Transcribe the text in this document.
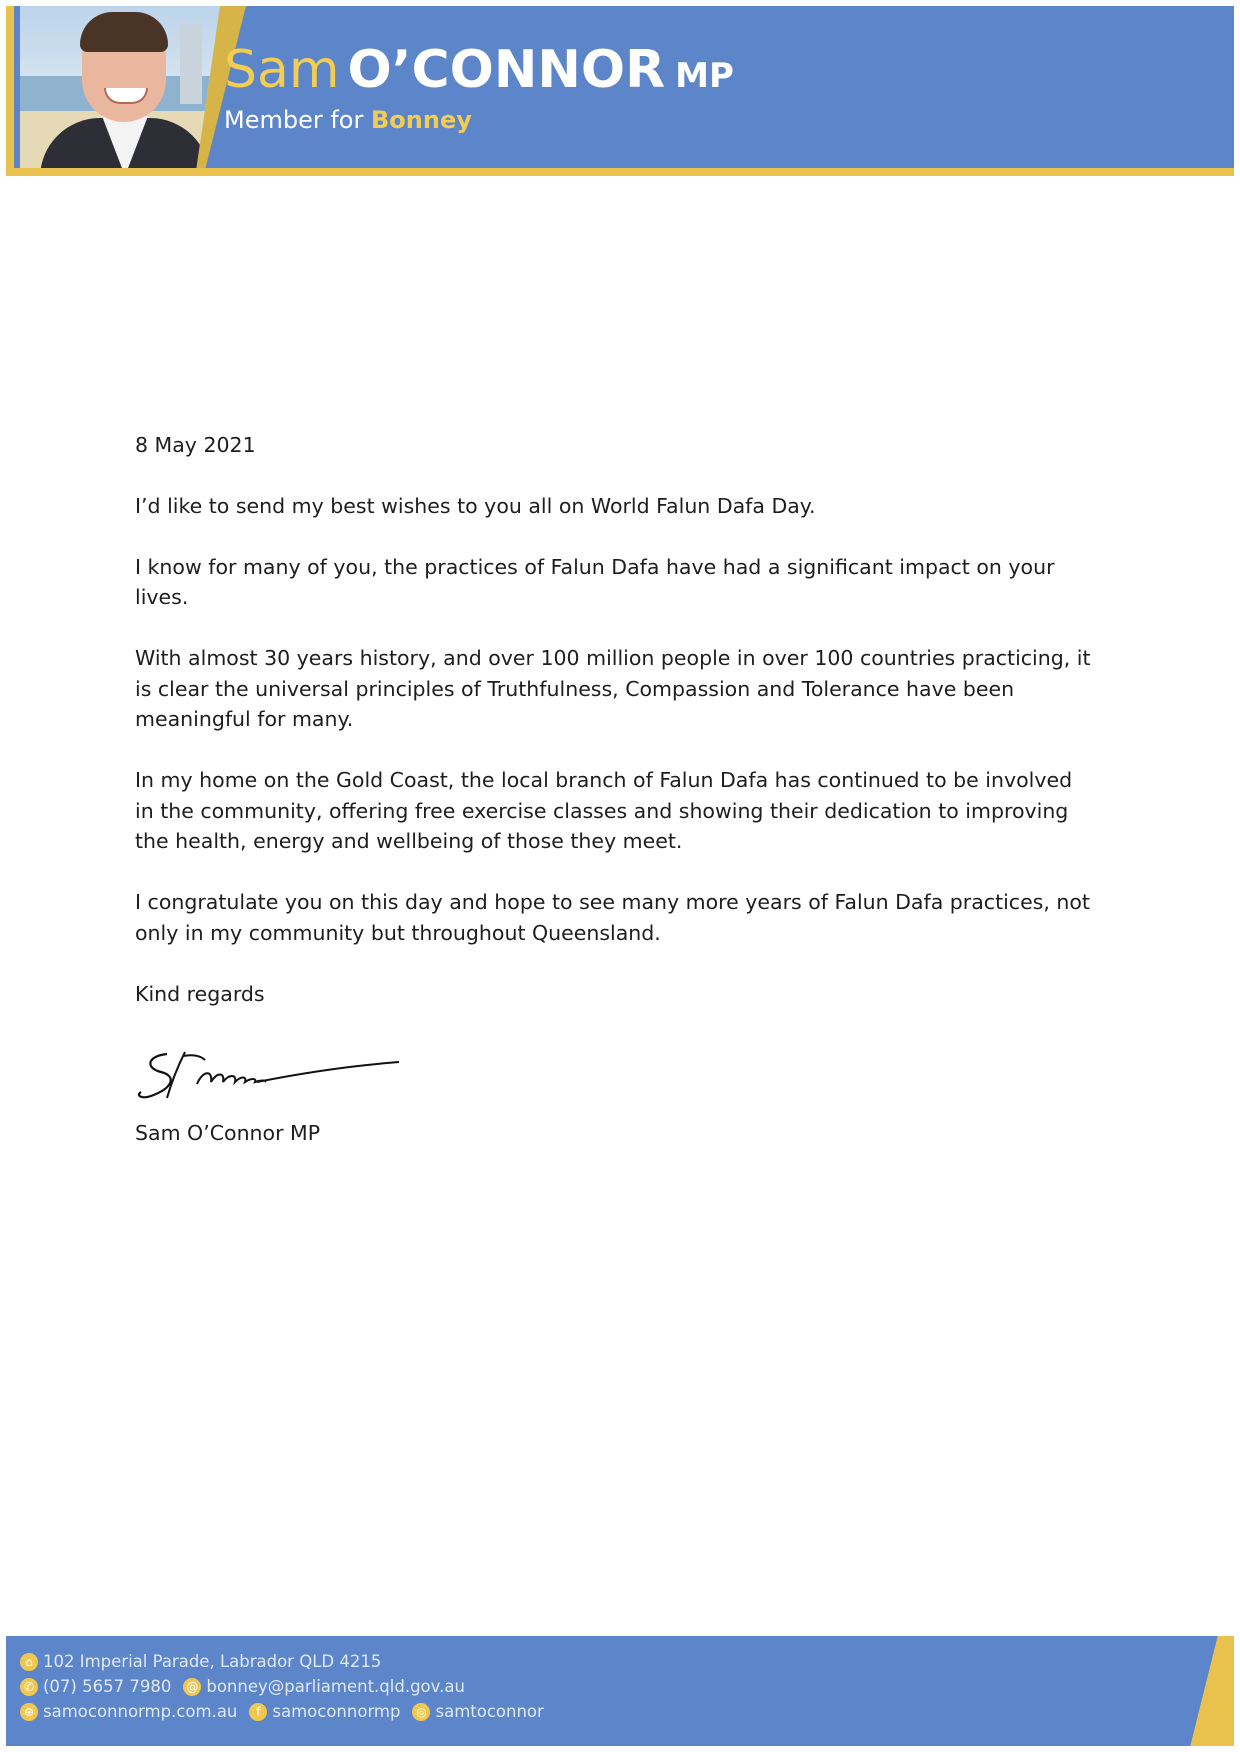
Sam O’CONNOR MP
Member for Bonney

8 May 2021

I’d like to send my best wishes to you all on World Falun Dafa Day.

I know for many of you, the practices of Falun Dafa have had a significant impact on your lives.

With almost 30 years history, and over 100 million people in over 100 countries practicing, it is clear the universal principles of Truthfulness, Compassion and Tolerance have been meaningful for many.

In my home on the Gold Coast, the local branch of Falun Dafa has continued to be involved in the community, offering free exercise classes and showing their dedication to improving the health, energy and wellbeing of those they meet.

I congratulate you on this day and hope to see many more years of Falun Dafa practices, not only in my community but throughout Queensland.

Kind regards

Sam O’Connor MP

⌂ 102 Imperial Parade, Labrador QLD 4215
✆ (07) 5657 7980 @ bonney@parliament.qld.gov.au
⊕ samoconnormp.com.au	f samoconnormp	◎ samtoconnor
